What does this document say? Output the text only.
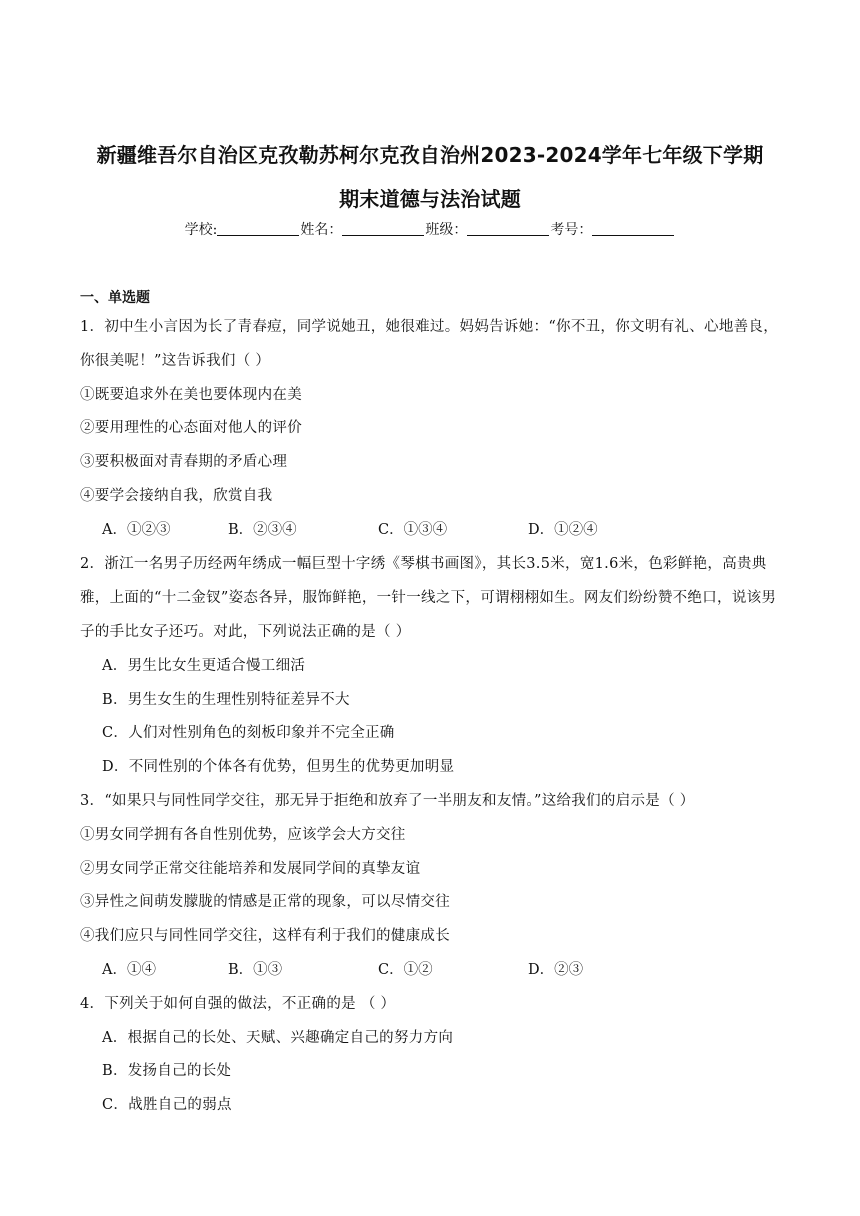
新疆维吾尔自治区克孜勒苏柯尔克孜自治州2023-2024学年七年级下学期
期末道德与法治试题
学校:	姓名：	班级：	考号：
一、单选题
1．初中生小言因为长了青春痘，同学说她丑，她很难过。妈妈告诉她：“你不丑，你文明有礼、心地善良，
你很美呢！”这告诉我们（ ）
①既要追求外在美也要体现内在美
②要用理性的心态面对他人的评价
③要积极面对青春期的矛盾心理
④要学会接纳自我，欣赏自我
A．①②③	B．②③④	C．①③④	D．①②④
2．浙江一名男子历经两年绣成一幅巨型十字绣《琴棋书画图》，其长3.5米，宽1.6米，色彩鲜艳，高贵典
雅，上面的“十二金钗”姿态各异，服饰鲜艳，一针一线之下，可谓栩栩如生。网友们纷纷赞不绝口，说该男
子的手比女子还巧。对此，下列说法正确的是（ ）
A．男生比女生更适合慢工细活
B．男生女生的生理性别特征差异不大
C．人们对性别角色的刻板印象并不完全正确
D．不同性别的个体各有优势，但男生的优势更加明显
3．“如果只与同性同学交往，那无异于拒绝和放弃了一半朋友和友情。”这给我们的启示是（ ）
①男女同学拥有各自性别优势，应该学会大方交往
②男女同学正常交往能培养和发展同学间的真挚友谊
③异性之间萌发朦胧的情感是正常的现象，可以尽情交往
④我们应只与同性同学交往，这样有利于我们的健康成长
A．①④	B．①③	C．①②	D．②③
4．下列关于如何自强的做法，不正确的是 （ ）
A．根据自己的长处、天赋、兴趣确定自己的努力方向
B．发扬自己的长处
C．战胜自己的弱点
